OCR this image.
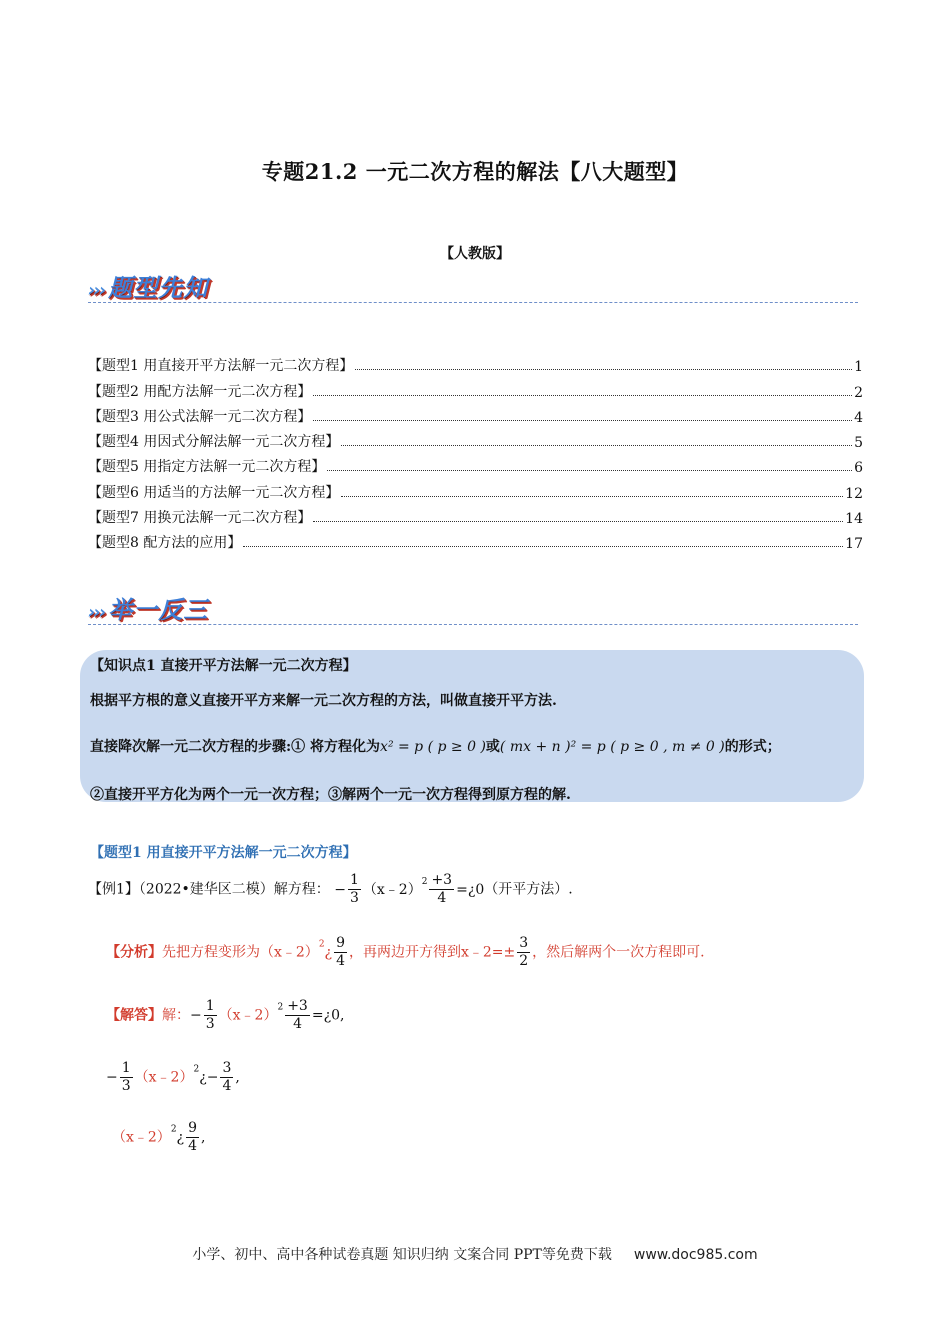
专题21.2 一元二次方程的解法【八大题型】
【人教版】
››› 题型先知
【题型1 用直接开平方法解一元二次方程】	1
【题型2 用配方法解一元二次方程】	2
【题型3 用公式法解一元二次方程】	4
【题型4 用因式分解法解一元二次方程】	5
【题型5 用指定方法解一元二次方程】	6
【题型6 用适当的方法解一元二次方程】	12
【题型7 用换元法解一元二次方程】	14
【题型8 配方法的应用】	17
››› 举一反三
【知识点1 直接开平方法解一元二次方程】
根据平方根的意义直接开平方来解一元二次方程的方法，叫做直接开平方法.
直接降次解一元二次方程的步骤:① 将方程化为x² = p ( p ≥ 0 )或( mx + n )² = p ( p ≥ 0 , m ≠ 0 )的形式；
②直接开平方化为两个一元一次方程；③解两个一元一次方程得到原方程的解.
【题型1 用直接开平方法解一元二次方程】
【例1】（2022•建华区二模）解方程： − $\frac{1}{3}$ （x﹣2）$^2$ $\frac{+3}{4}$ =¿0（开平方法）.
【分析】先把方程变形为（x﹣2）$^2$¿ $\frac{9}{4}$ ，再两边开方得到x﹣2=± $\frac{3}{2}$ ，然后解两个一次方程即可.
【解答】解：− $\frac{1}{3}$ （x﹣2）$^2$ $\frac{+3}{4}$ =¿0,
− $\frac{1}{3}$ （x﹣2）$^2$¿− $\frac{3}{4}$ ,
（x﹣2）$^2$¿ $\frac{9}{4}$ ,
小学、初中、高中各种试卷真题 知识归纳 文案合同 PPT等免费下载 www.doc985.com
